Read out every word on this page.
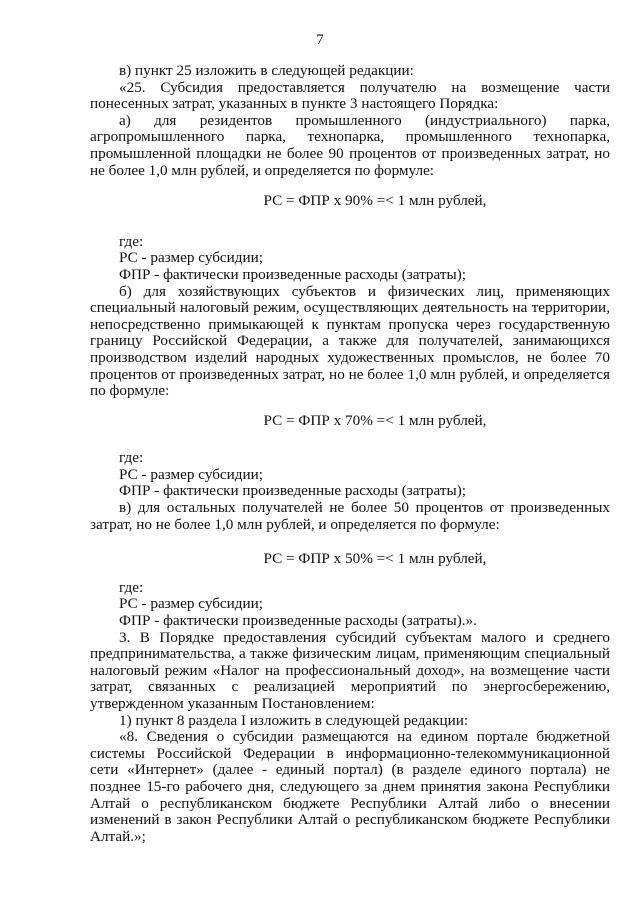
7

в) пункт 25 изложить в следующей редакции:

«25. Субсидия предоставляется получателю на возмещение части

понесенных затрат, указанных в пункте 3 настоящего Порядка:

а) для резидентов промышленного (индустриального) парка,

агропромышленного парка, технопарка, промышленного технопарка,

промышленной площадки не более 90 процентов от произведенных затрат, но

не более 1,0 млн рублей, и определяется по формуле:

РС = ФПР х 90% =< 1 млн рублей,

где:

РС - размер субсидии;

ФПР - фактически произведенные расходы (затраты);

б) для хозяйствующих субъектов и физических лиц, применяющих

специальный налоговый режим, осуществляющих деятельность на территории,

непосредственно примыкающей к пунктам пропуска через государственную

границу Российской Федерации, а также для получателей, занимающихся

производством изделий народных художественных промыслов, не более 70

процентов от произведенных затрат, но не более 1,0 млн рублей, и определяется

по формуле:

РС = ФПР х 70% =< 1 млн рублей,

где:

РС - размер субсидии;

ФПР - фактически произведенные расходы (затраты);

в) для остальных получателей не более 50 процентов от произведенных

затрат, но не более 1,0 млн рублей, и определяется по формуле:

РС = ФПР х 50% =< 1 млн рублей,

где:

РС - размер субсидии;

ФПР - фактически произведенные расходы (затраты).».

3. В Порядке предоставления субсидий субъектам малого и среднего

предпринимательства, а также физическим лицам, применяющим специальный

налоговый режим «Налог на профессиональный доход», на возмещение части

затрат, связанных с реализацией мероприятий по энергосбережению,

утвержденном указанным Постановлением:

1) пункт 8 раздела I изложить в следующей редакции:

«8. Сведения о субсидии размещаются на едином портале бюджетной

системы Российской Федерации в информационно-телекоммуникационной

сети «Интернет» (далее - единый портал) (в разделе единого портала) не

позднее 15-го рабочего дня, следующего за днем принятия закона Республики

Алтай о республиканском бюджете Республики Алтай либо о внесении

изменений в закон Республики Алтай о республиканском бюджете Республики

Алтай.»;
